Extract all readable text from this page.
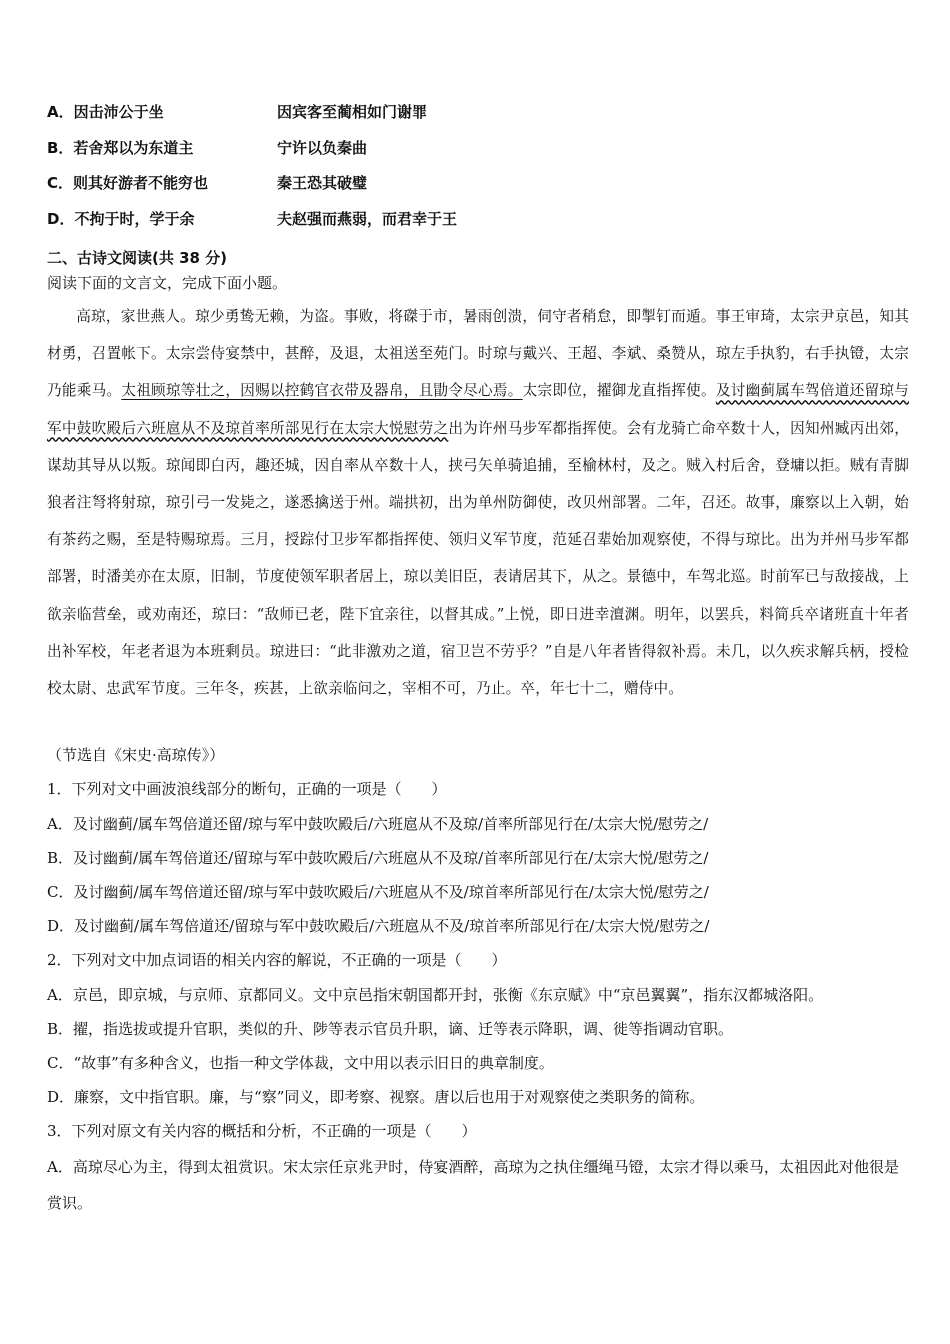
A．因击沛公于坐	因宾客至蔺相如门谢罪
B．若舍郑以为东道主	宁许以负秦曲
C．则其好游者不能穷也	秦王恐其破璧
D．不拘于时，学于余	夫赵强而燕弱，而君幸于王
二、古诗文阅读(共 38 分)
阅读下面的文言文，完成下面小题。

高琼，家世燕人。琼少勇鸷无赖，为盗。事败，将磔于市，暑雨创溃，伺守者稍怠，即掣钉而遁。事王审琦，太宗尹京邑，知其材勇，召置帐下。太宗尝侍宴禁中，甚醉，及退，太祖送至苑门。时琼与戴兴、王超、李斌、桑赞从，琼左手执豹，右手执镫，太宗乃能乘马。太祖顾琼等壮之，因赐以控鹤官衣带及器帛，且勖令尽心焉。太宗即位，擢御龙直指挥使。及讨幽蓟属车驾倍道还留琼与军中鼓吹殿后六班扈从不及琼首率所部见行在太宗大悦慰劳之出为许州马步军都指挥使。会有龙骑亡命卒数十人，因知州臧丙出郊，谋劫其导从以叛。琼闻即白丙，趣还城，因自率从卒数十人，挟弓矢单骑追捕，至榆林村，及之。贼入村后舍，登墉以拒。贼有青脚狼者注弩将射琼，琼引弓一发毙之，遂悉擒送于州。端拱初，出为单州防御使，改贝州部署。二年，召还。故事，廉察以上入朝，始有茶药之赐，至是特赐琼焉。三月，授踪付卫步军都指挥使、领归义军节度，范延召辈始加观察使，不得与琼比。出为并州马步军都部署，时潘美亦在太原，旧制，节度使领军职者居上，琼以美旧臣，表请居其下，从之。景德中，车驾北巡。时前军已与敌接战，上欲亲临营垒，或劝南还，琼曰：“敌师已老，陛下宜亲往，以督其成。”上悦，即日进幸澶渊。明年，以罢兵，料简兵卒诸班直十年者出补军校，年老者退为本班剩员。琼进曰：“此非激劝之道，宿卫岂不劳乎？”自是八年者皆得叙补焉。未几，以久疾求解兵柄，授检校太尉、忠武军节度。三年冬，疾甚，上欲亲临问之，宰相不可，乃止。卒，年七十二，赠侍中。

（节选自《宋史·高琼传》）
1．下列对文中画波浪线部分的断句，正确的一项是（　　）
A．及讨幽蓟/属车驾倍道还留/琼与军中鼓吹殿后/六班扈从不及琼/首率所部见行在/太宗大悦/慰劳之/
B．及讨幽蓟/属车驾倍道还/留琼与军中鼓吹殿后/六班扈从不及琼/首率所部见行在/太宗大悦/慰劳之/
C．及讨幽蓟/属车驾倍道还留/琼与军中鼓吹殿后/六班扈从不及/琼首率所部见行在/太宗大悦/慰劳之/
D．及讨幽蓟/属车驾倍道还/留琼与军中鼓吹殿后/六班扈从不及/琼首率所部见行在/太宗大悦/慰劳之/
2．下列对文中加点词语的相关内容的解说，不正确的一项是（　　）
A．京邑，即京城，与京师、京都同义。文中京邑指宋朝国都开封，张衡《东京赋》中“京邑翼翼”，指东汉都城洛阳。
B．擢，指选拔或提升官职，类似的升、陟等表示官员升职，谪、迁等表示降职，调、徙等指调动官职。
C．“故事”有多种含义，也指一种文学体裁，文中用以表示旧日的典章制度。
D．廉察，文中指官职。廉，与“察”同义，即考察、视察。唐以后也用于对观察使之类职务的简称。
3．下列对原文有关内容的概括和分析，不正确的一项是（　　）
A．高琼尽心为主，得到太祖赏识。宋太宗任京兆尹时，侍宴酒醉，高琼为之执住缰绳马镫，太宗才得以乘马，太祖因此对他很是赏识。
